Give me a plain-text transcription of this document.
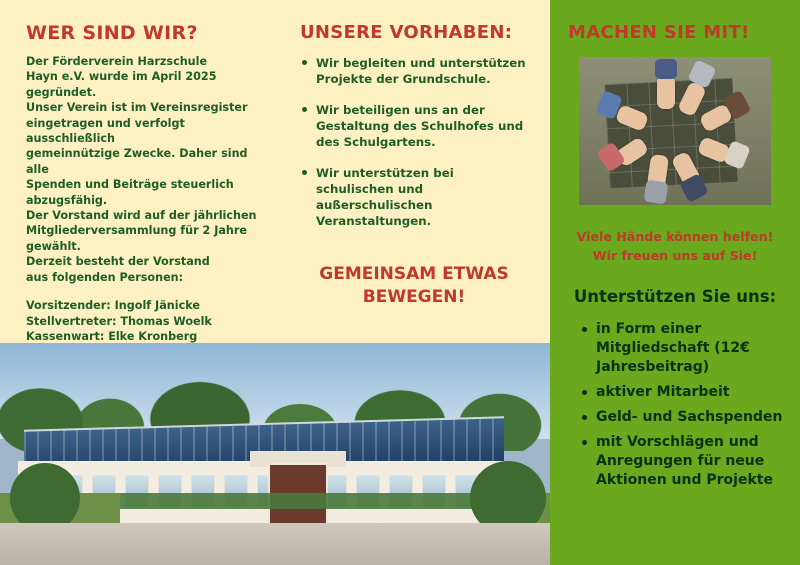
WER SIND WIR?

Der Förderverein Harzschule

Hayn e.V. wurde im April 2025 gegründet.

Unser Verein ist im Vereinsregister

eingetragen und verfolgt ausschließlich

gemeinnützige Zwecke. Daher sind alle

Spenden und Beiträge steuerlich

abzugsfähig.

Der Vorstand wird auf der jährlichen

Mitgliederversammlung für 2 Jahre

gewählt.

Derzeit besteht der Vorstand

aus folgenden Personen:

Vorsitzender: Ingolf Jänicke
Stellvertreter: Thomas Woelk
Kassenwart: Elke Kronberg
UNSERE VORHABEN:
Wir begleiten und unterstützen Projekte der Grundschule.
Wir beteiligen uns an der Gestaltung des Schulhofes und des Schulgartens.
Wir unterstützen bei schulischen und außerschulischen Veranstaltungen.
GEMEINSAM ETWAS
BEWEGEN!
MACHEN SIE MIT!
Viele Hände können helfen!
Wir freuen uns auf Sie!
Unterstützen Sie uns:
in Form einer Mitgliedschaft (12€ Jahresbeitrag)
aktiver Mitarbeit
Geld- und Sachspenden
mit Vorschlägen und Anregungen für neue Aktionen und Projekte
